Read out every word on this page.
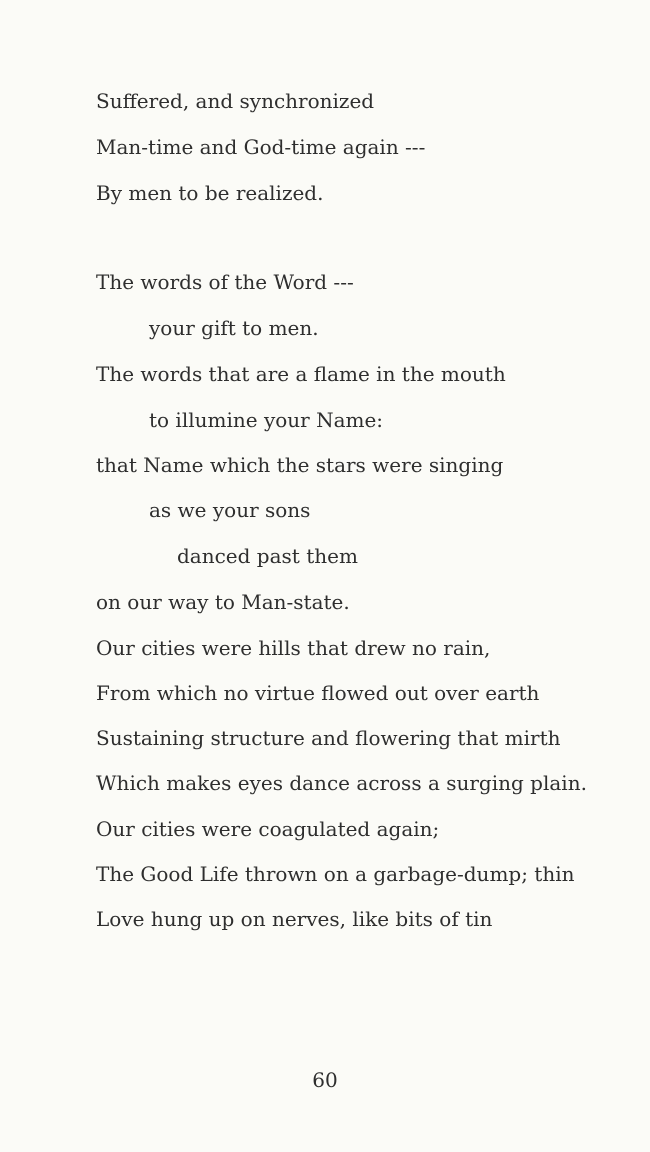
Suffered, and synchronized

Man-time and God-time again ---

By men to be realized.

The words of the Word ---

your gift to men.

The words that are a flame in the mouth

to illumine your Name:

that Name which the stars were singing

as we your sons

danced past them

on our way to Man-state.

Our cities were hills that drew no rain,

From which no virtue flowed out over earth

Sustaining structure and flowering that mirth

Which makes eyes dance across a surging plain.

Our cities were coagulated again;

The Good Life thrown on a garbage-dump; thin

Love hung up on nerves, like bits of tin

60
